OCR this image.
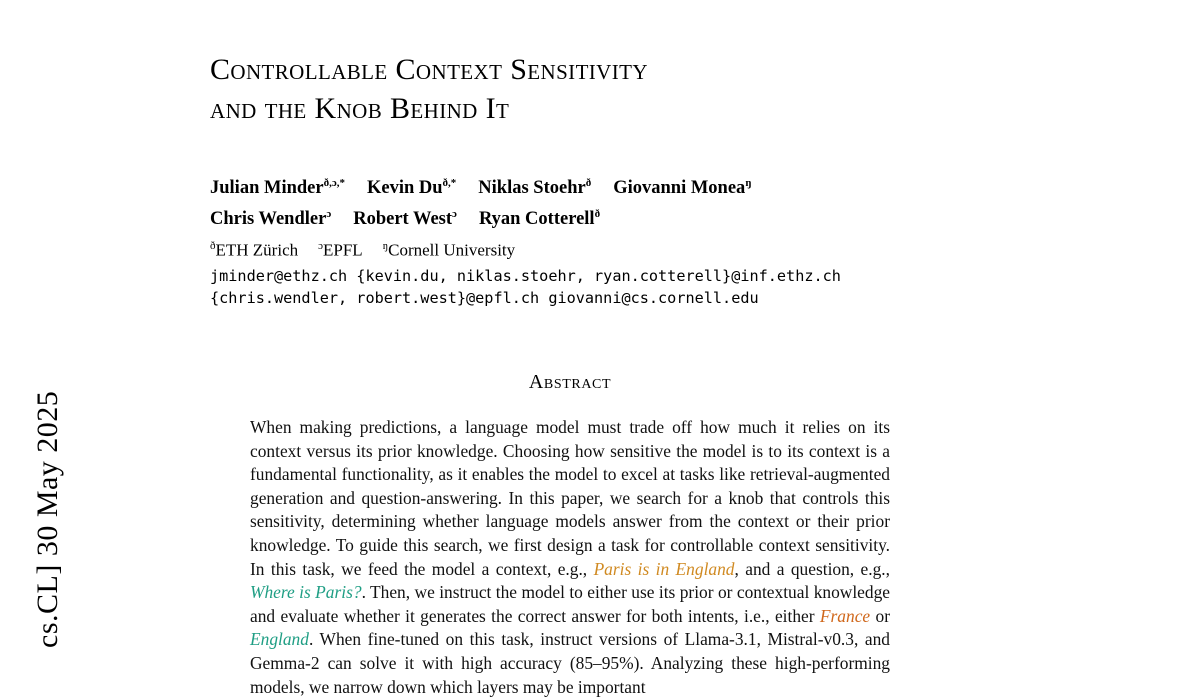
cs.CL] 30 May 2025
Controllable Context Sensitivity
and the Knob Behind It
Julian Minder$^{ð,ɔ,*}$ Kevin $Du^{ð,*}$ Niklas Stoehr$^ð$ Giovanni Monea$^ŋ$
Chris Wendler$^ɔ$ Robert West$^ɔ$ Ryan Cotterell$^ð$
$^ð$ETH Zürich $^ɔ$EPFL $^ŋ$Cornell University
jminder@ethz.ch {kevin.du, niklas.stoehr, ryan.cotterell}@inf.ethz.ch
{chris.wendler, robert.west}@epfl.ch giovanni@cs.cornell.edu
Abstract
When making predictions, a language model must trade off how much it relies on its context versus its prior knowledge. Choosing how sensitive the model is to its context is a fundamental functionality, as it enables the model to excel at tasks like retrieval-augmented generation and question-answering. In this paper, we search for a knob that controls this sensitivity, determining whether language models answer from the context or their prior knowledge. To guide this search, we first design a task for controllable context sensitivity. In this task, we feed the model a context, e.g., Paris is in England, and a question, e.g., Where is Paris?. Then, we instruct the model to either use its prior or contextual knowledge and evaluate whether it generates the correct answer for both intents, i.e., either France or England. When fine-tuned on this task, instruct versions of Llama-3.1, Mistral-v0.3, and Gemma-2 can solve it with high accuracy (85–95%). Analyzing these high-performing models, we narrow down which layers may be important
